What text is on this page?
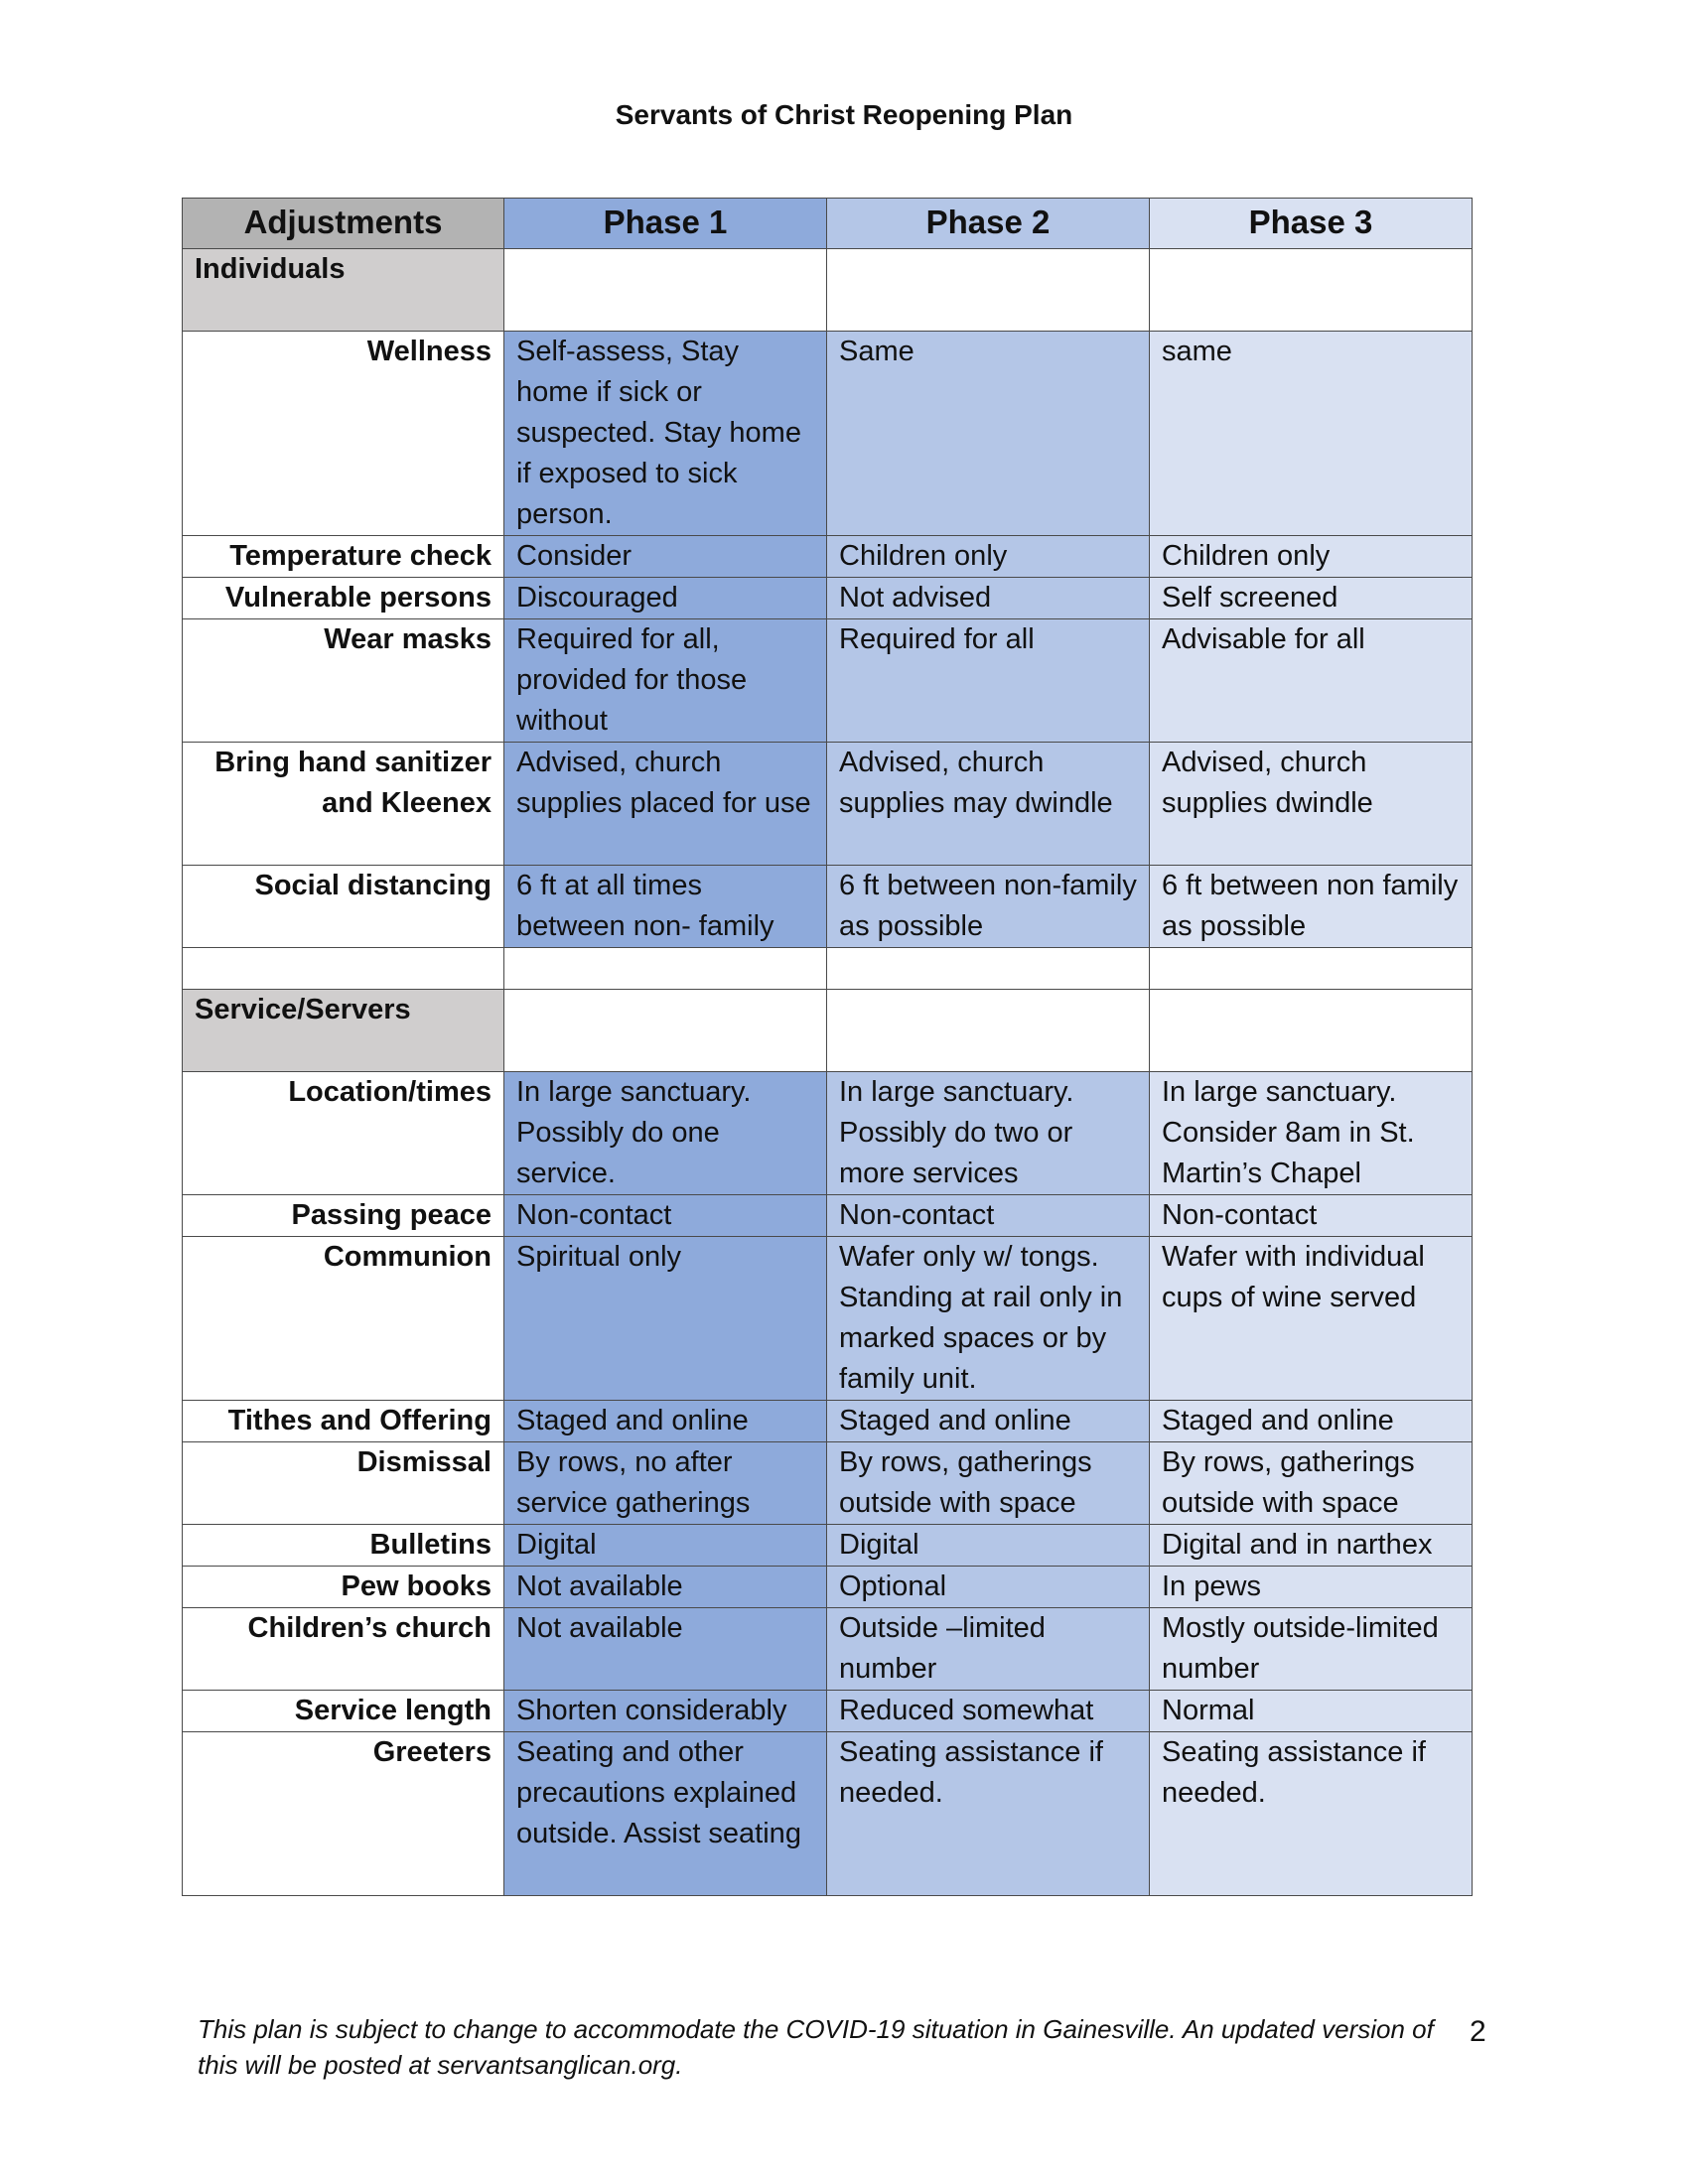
Servants of Christ Reopening Plan
Adjustments	Phase 1	Phase 2	Phase 3
Individuals			
Wellness	Self-assess, Stay home if sick or suspected. Stay home if exposed to sick person.	Same	same
Temperature check	Consider	Children only	Children only
Vulnerable persons	Discouraged	Not advised	Self screened
Wear masks	Required for all, provided for those without	Required for all	Advisable for all
Bring hand sanitizer and Kleenex	Advised, church supplies placed for use	Advised, church supplies may dwindle	Advised, church supplies dwindle
Social distancing	6 ft at all times between non- family	6 ft between non-family as possible	6 ft between non family as possible

Service/Servers			
Location/times	In large sanctuary. Possibly do one service.	In large sanctuary. Possibly do two or more services	In large sanctuary. Consider 8am in St. Martin’s Chapel
Passing peace	Non-contact	Non-contact	Non-contact
Communion	Spiritual only	Wafer only w/ tongs. Standing at rail only in marked spaces or by family unit.	Wafer with individual cups of wine served
Tithes and Offering	Staged and online	Staged and online	Staged and online
Dismissal	By rows, no after service gatherings	By rows, gatherings outside with space	By rows, gatherings outside with space
Bulletins	Digital	Digital	Digital and in narthex
Pew books	Not available	Optional	In pews
Children’s church	Not available	Outside –limited number	Mostly outside-limited number
Service length	Shorten considerably	Reduced somewhat	Normal
Greeters	Seating and other precautions explained outside. Assist seating	Seating assistance if needed.	Seating assistance if needed.
This plan is subject to change to accommodate the COVID-19 situation in Gainesville. An updated version of this will be posted at servantsanglican.org.
2
